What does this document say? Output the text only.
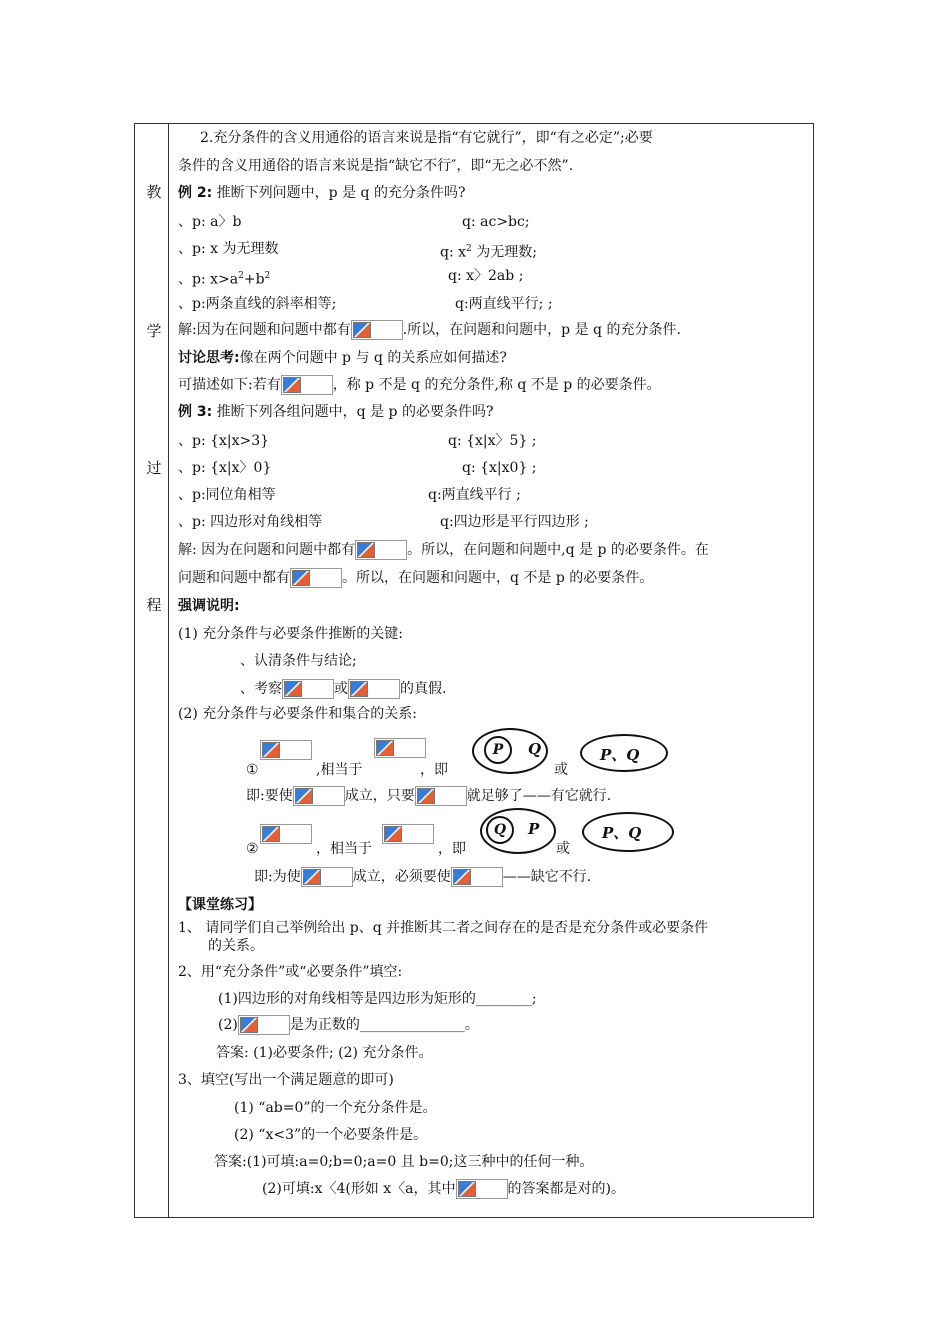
教
学
过
程
2.充分条件的含义用通俗的语言来说是指“有它就行”，即“有之必定”;必要
条件的含义用通俗的语言来说是指“缺它不行″，即“无之必不然”.
例 2: 推断下列问题中，p 是 q 的充分条件吗?
、p: a〉b	q: ac>bc;
、p: x 为无理数	q: $x^2$ 为无理数;
、p: $x>a^2+b^2$	q: x〉2ab ;
、p:两条直线的斜率相等;	q:两直线平行; ;
解:因为在问题和问题中都有	.所以，在问题和问题中，p 是 q 的充分条件.
讨论思考:像在两个问题中 p 与 q 的关系应如何描述?
可描述如下:若有	，称 p 不是 q 的充分条件,称 q 不是 p 的必要条件。
例 3: 推断下列各组问题中，q 是 p 的必要条件吗?
、p: {x|x>3}	q: {x|x〉5} ;
、p: {x|x〉0}	q: {x|x0} ;
、p:同位角相等	q:两直线平行 ;
、p: 四边形对角线相等	q:四边形是平行四边形 ;
解: 因为在问题和问题中都有	。所以，在问题和问题中,q 是 p 的必要条件。在
问题和问题中都有	。所以，在问题和问题中，q 不是 p 的必要条件。
强调说明:
(1) 充分条件与必要条件推断的关键:
、认清条件与结论;
、考察	或	的真假.
(2) 充分条件与必要条件和集合的关系:
①	,相当于	，即
P	Q
或
P、Q
即:要使	成立，只要	就足够了——有它就行.
②	，相当于	，即
Q	P
或
P、Q
即:为使	成立，必须要使	——缺它不行.
【课堂练习】
1、 请同学们自己举例给出 p、q 并推断其二者之间存在的是否是充分条件或必要条件
的关系。
2、用“充分条件”或“必要条件”填空:
(1)四边形的对角线相等是四边形为矩形的________;
(2)	是为正数的_______________。
答案: (1)必要条件; (2) 充分条件。
3、填空(写出一个满足题意的即可)
(1) “ab=0”的一个充分条件是。
(2) “x<3”的一个必要条件是。
答案:(1)可填:a=0;b=0;a=0 且 b=0;这三种中的任何一种。
(2)可填:x〈4(形如 x〈a，其中	的答案都是对的)。
